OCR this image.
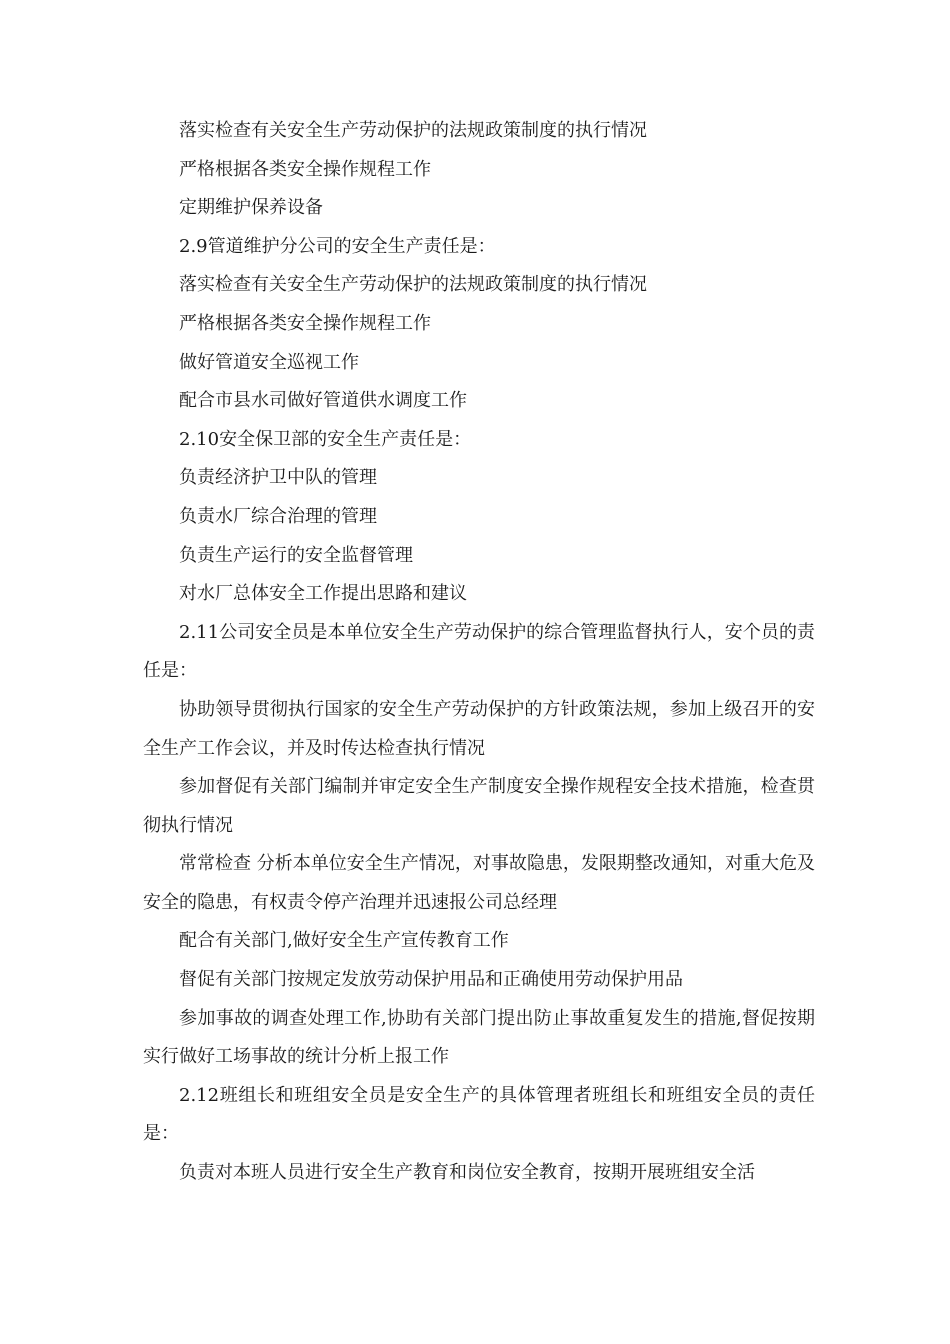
落实检查有关安全生产劳动保护的法规政策制度的执行情况

严格根据各类安全操作规程工作

定期维护保养设备

2.9管道维护分公司的安全生产责任是：

落实检查有关安全生产劳动保护的法规政策制度的执行情况

严格根据各类安全操作规程工作

做好管道安全巡视工作

配合市县水司做好管道供水调度工作

2.10安全保卫部的安全生产责任是：

负责经济护卫中队的管理

负责水厂综合治理的管理

负责生产运行的安全监督管理

对水厂总体安全工作提出思路和建议

2.11公司安全员是本单位安全生产劳动保护的综合管理监督执行人，安个员的责任是：

协助领导贯彻执行国家的安全生产劳动保护的方针政策法规，参加上级召开的安全生产工作会议，并及时传达检查执行情况

参加督促有关部门编制并审定安全生产制度安全操作规程安全技术措施，检查贯彻执行情况

常常检查 分析本单位安全生产情况，对事故隐患，发限期整改通知，对重大危及安全的隐患，有权责令停产治理并迅速报公司总经理

配合有关部门,做好安全生产宣传教育工作

督促有关部门按规定发放劳动保护用品和正确使用劳动保护用品

参加事故的调查处理工作,协助有关部门提出防止事故重复发生的措施,督促按期实行做好工场事故的统计分析上报工作

2.12班组长和班组安全员是安全生产的具体管理者班组长和班组安全员的责任是：

负责对本班人员进行安全生产教育和岗位安全教育，按期开展班组安全活
